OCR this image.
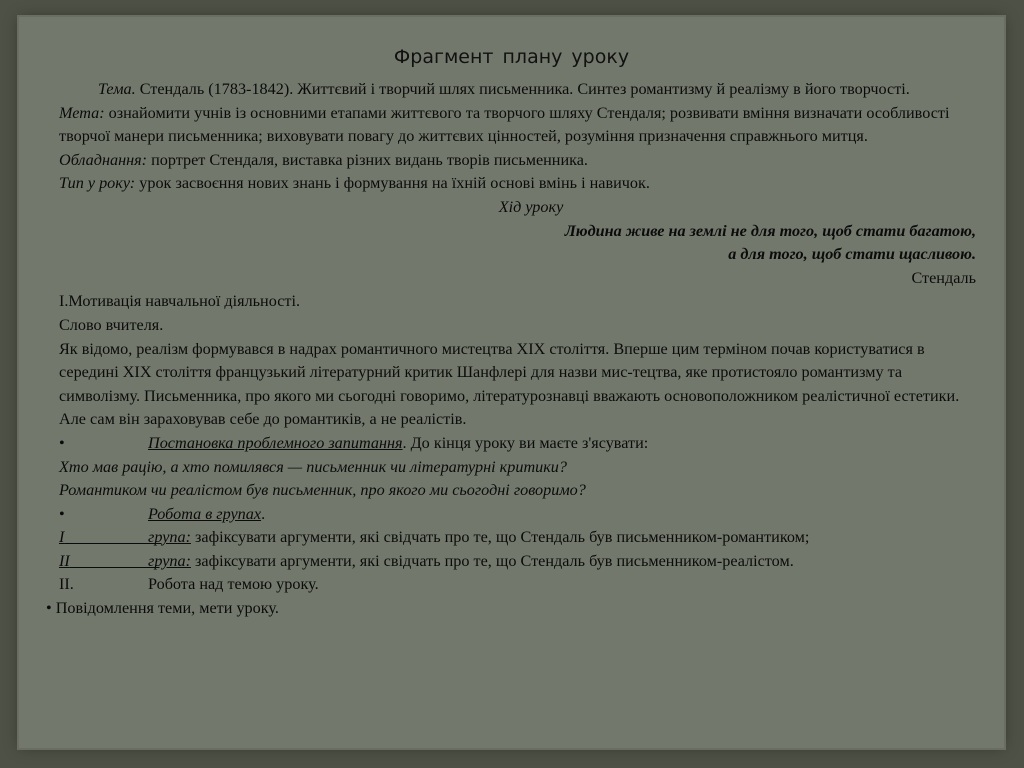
Фрагмент плану уроку

Тема. Стендаль (1783-1842). Життєвий і творчий шлях письменника. Синтез романтизму й реалізму в його творчості.

Мета: ознайомити учнів із основними етапами життєвого та творчого шляху Стендаля; розвивати вміння визначати особливості творчої манери письменника; виховувати повагу до життєвих цінностей, розуміння призначення справжнього митця.

Обладнання: портрет Стендаля, виставка різних видань творів письменника.

Тип у року: урок засвоєння нових знань і формування на їхній основі вмінь і навичок.

Хід уроку

Людина живе на землі не для того, щоб стати багатою,

а для того, щоб стати щасливою.

Стендаль

І.Мотивація навчальної діяльності.

Слово вчителя.

Як відомо, реалізм формувався в надрах романтичного мистецтва XIX століття. Вперше цим терміном почав користуватися в середині XIX століття французький літературний критик Шанфлері для назви мис-тецтва, яке протистояло романтизму та символізму. Письменника, про якого ми сьогодні говоримо, літературознавці вважають основоположником реалістичної естетики. Але сам він зараховував себе до романтиків, а не реалістів.

•	Постановка проблемного запитання. До кінця уроку ви маєте з'ясувати:

Хто мав рацію, а хто помилявся — письменник чи літературні критики?

Романтиком чи реалістом був письменник, про якого ми сьогодні говоримо?

•	Робота в групах.
І      	група: зафіксувати аргументи, які свідчать про те, що Стендаль був письменником-романтиком;
ІІ      	група: зафіксувати аргументи, які свідчать про те, що Стендаль був письменником-реалістом.
II.	Робота над темою уроку.

• Повідомлення теми, мети уроку.
